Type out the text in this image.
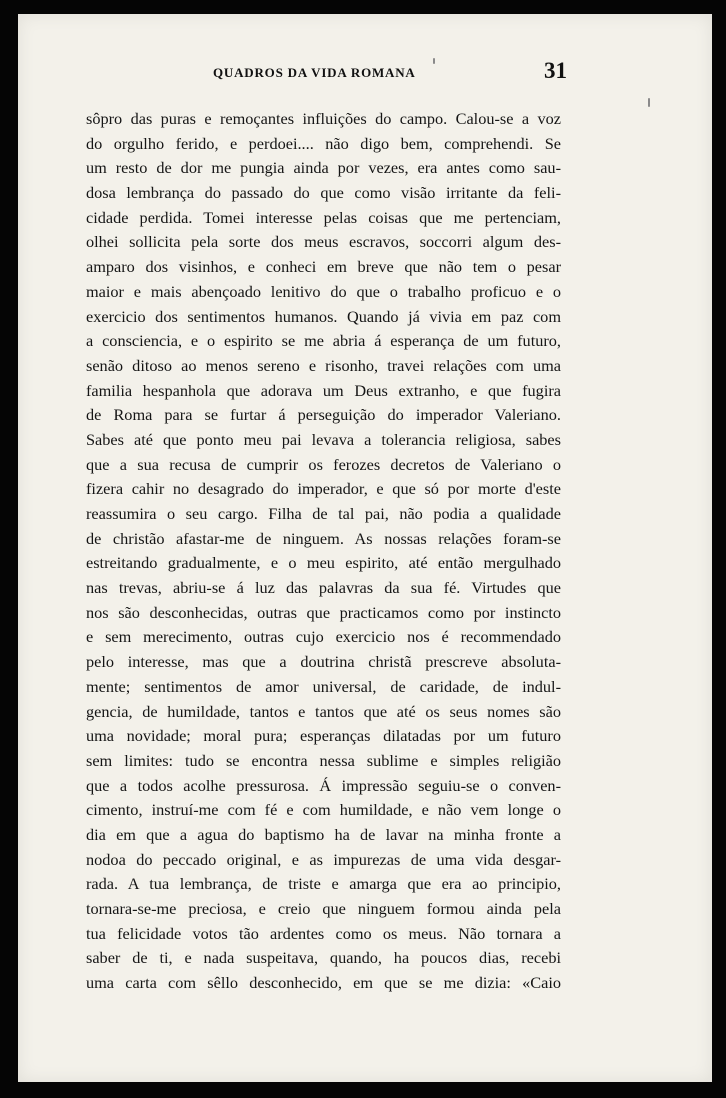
QUADROS DA VIDA ROMANA	31
sôpro das puras e remoçantes influições do campo. Calou-se a voz
do orgulho ferido, e perdoei.... não digo bem, comprehendi. Se
um resto de dor me pungia ainda por vezes, era antes como sau-
dosa lembrança do passado do que como visão irritante da feli-
cidade perdida. Tomei interesse pelas coisas que me pertenciam,
olhei sollicita pela sorte dos meus escravos, soccorri algum des-
amparo dos visinhos, e conheci em breve que não tem o pesar
maior e mais abençoado lenitivo do que o trabalho proficuo e o
exercicio dos sentimentos humanos. Quando já vivia em paz com
a consciencia, e o espirito se me abria á esperança de um futuro,
senão ditoso ao menos sereno e risonho, travei relações com uma
familia hespanhola que adorava um Deus extranho, e que fugira
de Roma para se furtar á perseguição do imperador Valeriano.
Sabes até que ponto meu pai levava a tolerancia religiosa, sabes
que a sua recusa de cumprir os ferozes decretos de Valeriano o
fizera cahir no desagrado do imperador, e que só por morte d'este
reassumira o seu cargo. Filha de tal pai, não podia a qualidade
de christão afastar-me de ninguem. As nossas relações foram-se
estreitando gradualmente, e o meu espirito, até então mergulhado
nas trevas, abriu-se á luz das palavras da sua fé. Virtudes que
nos são desconhecidas, outras que practicamos como por instincto
e sem merecimento, outras cujo exercicio nos é recommendado
pelo interesse, mas que a doutrina christã prescreve absoluta-
mente; sentimentos de amor universal, de caridade, de indul-
gencia, de humildade, tantos e tantos que até os seus nomes são
uma novidade; moral pura; esperanças dilatadas por um futuro
sem limites: tudo se encontra nessa sublime e simples religião
que a todos acolhe pressurosa. Á impressão seguiu-se o conven-
cimento, instruí-me com fé e com humildade, e não vem longe o
dia em que a agua do baptismo ha de lavar na minha fronte a
nodoa do peccado original, e as impurezas de uma vida desgar-
rada. A tua lembrança, de triste e amarga que era ao principio,
tornara-se-me preciosa, e creio que ninguem formou ainda pela
tua felicidade votos tão ardentes como os meus. Não tornara a
saber de ti, e nada suspeitava, quando, ha poucos dias, recebi
uma carta com sêllo desconhecido, em que se me dizia: «Caio
